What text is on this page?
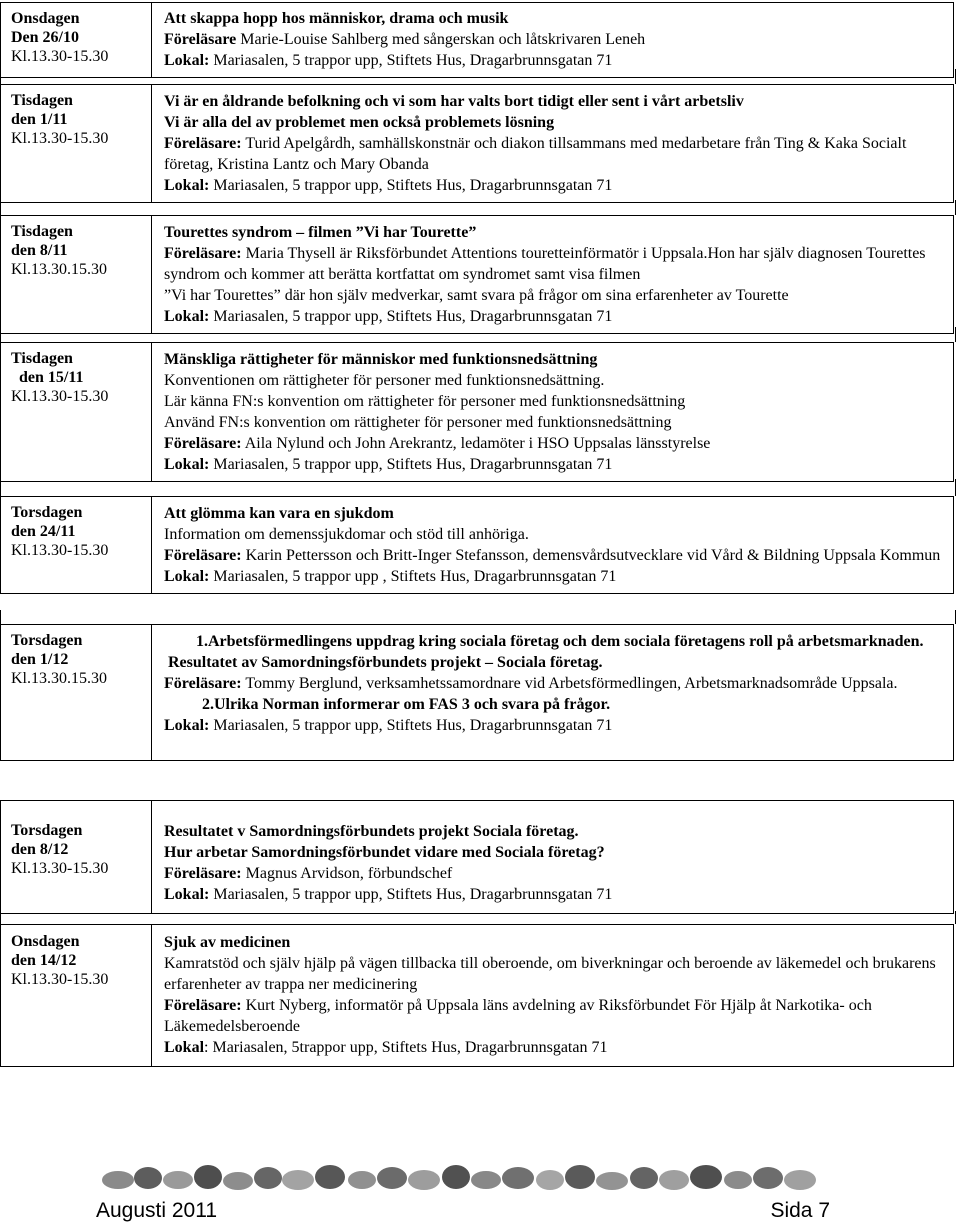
Onsdagen
Den 26/10
Kl.13.30-15.30

Att skappa hopp hos människor, drama och musik
Föreläsare Marie-Louise Sahlberg med sångerskan och låtskrivaren Leneh
Lokal: Mariasalen, 5 trappor upp, Stiftets Hus, Dragarbrunnsgatan 71
Tisdagen
den 1/11
Kl.13.30-15.30

Vi är en åldrande befolkning och vi som har valts bort tidigt eller sent i vårt arbetsliv
Vi är alla del av problemet men också problemets lösning
Föreläsare: Turid Apelgårdh, samhällskonstnär och diakon tillsammans med medarbetare från Ting & Kaka Socialt företag, Kristina Lantz och Mary Obanda
Lokal: Mariasalen, 5 trappor upp, Stiftets Hus, Dragarbrunnsgatan 71
Tisdagen
den 8/11
Kl.13.30.15.30

Tourettes syndrom – filmen ”Vi har Tourette”
Föreläsare: Maria Thysell är Riksförbundet Attentions touretteinförmatör i Uppsala.Hon har själv diagnosen Tourettes syndrom och kommer att berätta kortfattat om syndromet samt visa filmen
”Vi har Tourettes” där hon själv medverkar, samt svara på frågor om sina erfarenheter av Tourette
Lokal: Mariasalen, 5 trappor upp, Stiftets Hus, Dragarbrunnsgatan 71
Tisdagen
den 15/11
Kl.13.30-15.30

Mänskliga rättigheter för människor med funktionsnedsättning
Konventionen om rättigheter för personer med funktionsnedsättning.
Lär känna FN:s konvention om rättigheter för personer med funktionsnedsättning
Använd FN:s konvention om rättigheter för personer med funktionsnedsättning
Föreläsare: Aila Nylund och John Arekrantz, ledamöter i HSO Uppsalas länsstyrelse
Lokal: Mariasalen, 5 trappor upp, Stiftets Hus, Dragarbrunnsgatan 71
Torsdagen
den 24/11
Kl.13.30-15.30

Att glömma kan vara en sjukdom
Information om demenssjukdomar och stöd till anhöriga.
Föreläsare: Karin Pettersson och Britt-Inger Stefansson, demensvårdsutvecklare vid Vård & Bildning Uppsala Kommun
Lokal: Mariasalen, 5 trappor upp , Stiftets Hus, Dragarbrunnsgatan 71
Torsdagen
den 1/12
Kl.13.30.15.30

1.Arbetsförmedlingens uppdrag kring sociala företag och dem sociala företagens roll på arbetsmarknaden.
Resultatet av Samordningsförbundets projekt – Sociala företag.
Föreläsare: Tommy Berglund, verksamhetssamordnare vid Arbetsförmedlingen, Arbetsmarknadsområde Uppsala.
2.Ulrika Norman informerar om FAS 3 och svara på frågor.
Lokal: Mariasalen, 5 trappor upp, Stiftets Hus, Dragarbrunnsgatan 71
Torsdagen
den 8/12
Kl.13.30-15.30

Resultatet v Samordningsförbundets projekt Sociala företag.
Hur arbetar Samordningsförbundet vidare med Sociala företag?
Föreläsare: Magnus Arvidson, förbundschef
Lokal: Mariasalen, 5 trappor upp, Stiftets Hus, Dragarbrunnsgatan 71
Onsdagen
den 14/12
Kl.13.30-15.30

Sjuk av medicinen
Kamratstöd och själv hjälp på vägen tillbacka till oberoende, om biverkningar och beroende av läkemedel och brukarens erfarenheter av trappa ner medicinering
Föreläsare: Kurt Nyberg, informatör på Uppsala läns avdelning av Riksförbundet För Hjälp åt Narkotika- och Läkemedelsberoende
Lokal: Mariasalen, 5trappor upp, Stiftets Hus, Dragarbrunnsgatan 71
Augusti 2011	Sida 7
